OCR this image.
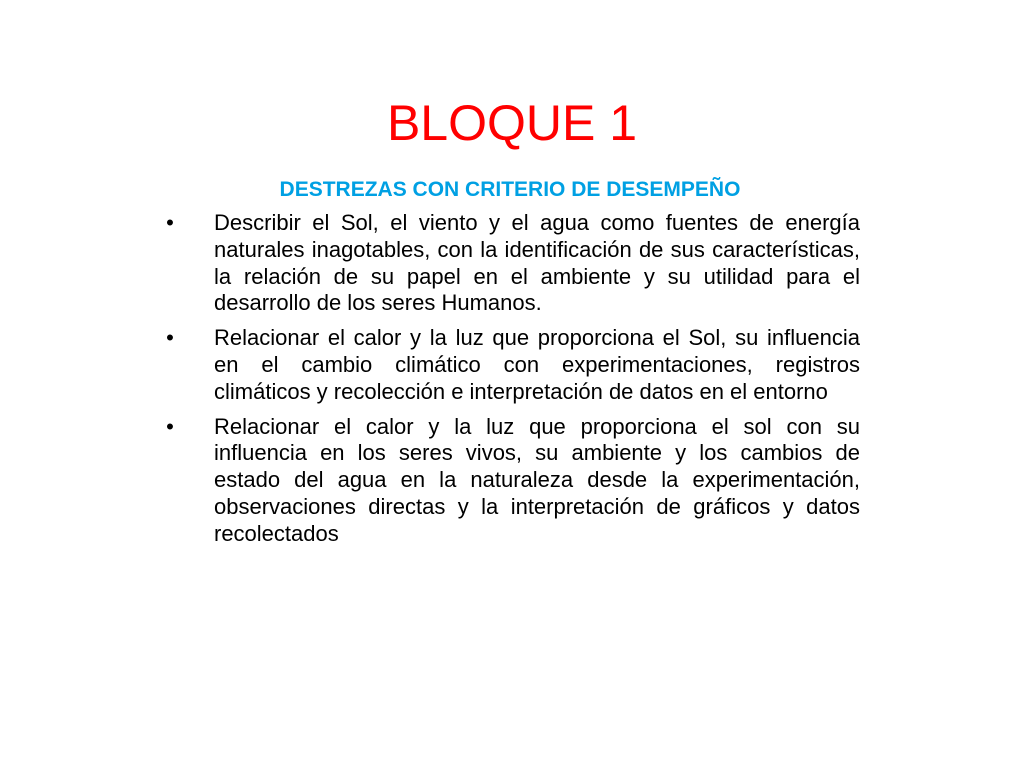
BLOQUE 1
DESTREZAS CON CRITERIO DE DESEMPEÑO
• Describir el Sol, el viento y el agua como fuentes de energía naturales inagotables, con la identificación de sus características, la relación de su papel en el ambiente y su utilidad para el desarrollo de los seres Humanos.
• Relacionar el calor y la luz que proporciona el Sol, su influencia en el cambio climático con experimentaciones, registros climáticos y recolección e interpretación de datos en el entorno
• Relacionar el calor y la luz que proporciona el sol con su influencia en los seres vivos, su ambiente y los cambios de estado del agua en la naturaleza desde la experimentación, observaciones directas y la interpretación de gráficos y datos recolectados
